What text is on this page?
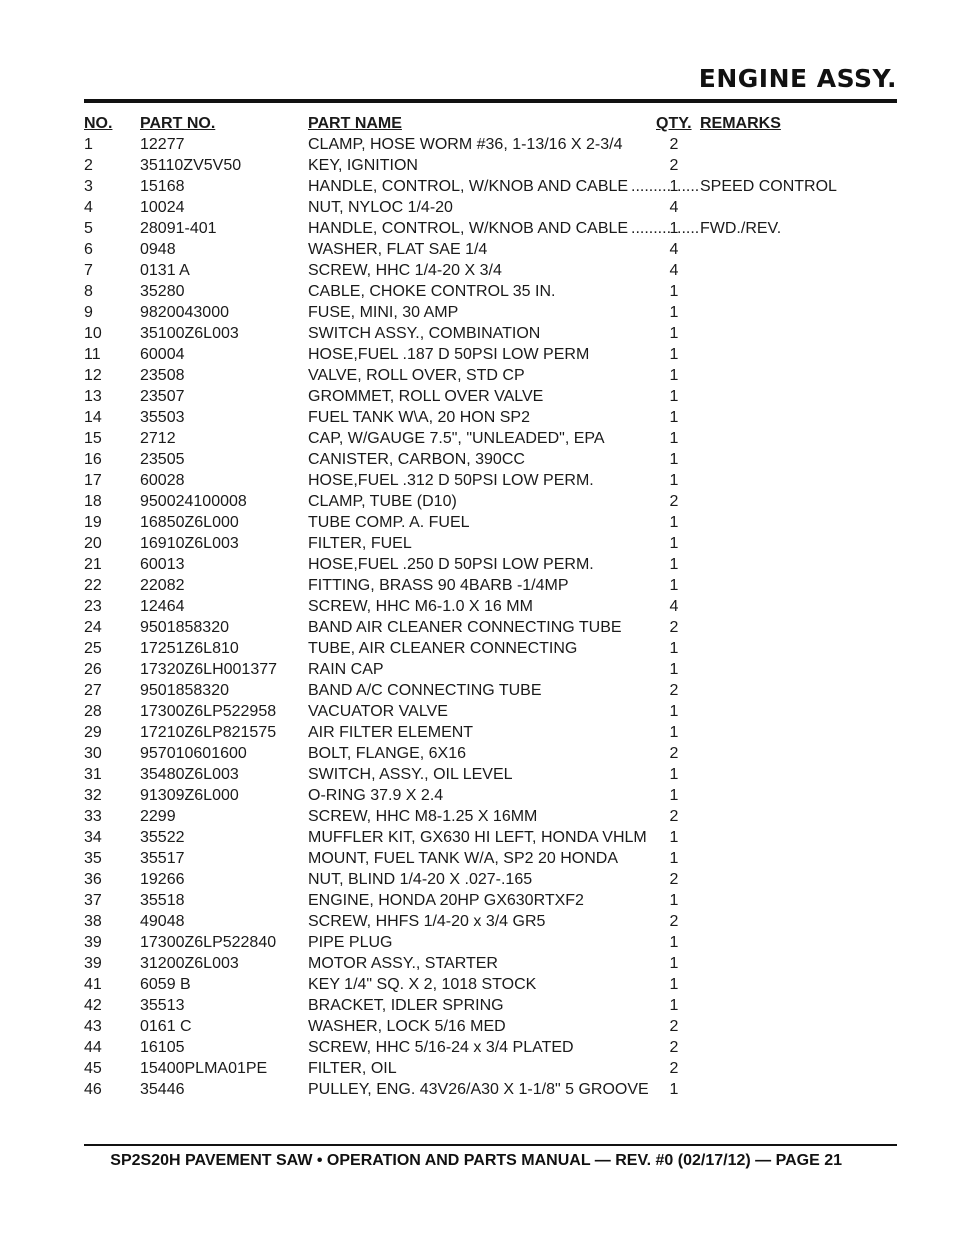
ENGINE ASSY.
NO. PART NO.	PART NAME	QTY. REMARKS
1	12277	CLAMP, HOSE WORM #36, 1-13/16 X 2-3/4	2
2	35110ZV5V50	KEY, IGNITION	2
3	15168	HANDLE, CONTROL, W/KNOB AND CABLE	1	SPEED CONTROL
......... .....
4	10024	NUT, NYLOC 1/4-20	4
5	28091-401	HANDLE, CONTROL, W/KNOB AND CABLE	1	FWD./REV.
......... .....
6	0948	WASHER, FLAT SAE 1/4	4
7	0131 A	SCREW, HHC 1/4-20 X 3/4	4
8	35280	CABLE, CHOKE CONTROL 35 IN.	1
9	9820043000	FUSE, MINI, 30 AMP	1
10 35100Z6L003	SWITCH ASSY., COMBINATION	1
11 60004	HOSE,FUEL .187 D 50PSI LOW PERM	1
12 23508	VALVE, ROLL OVER, STD CP	1
13 23507	GROMMET, ROLL OVER VALVE	1
14 35503	FUEL TANK W\A, 20 HON SP2	1
15 2712	CAP, W/GAUGE 7.5", "UNLEADED", EPA	1
16 23505	CANISTER, CARBON, 390CC	1
17 60028	HOSE,FUEL .312 D 50PSI LOW PERM.	1
18 950024100008	CLAMP, TUBE (D10)	2
19 16850Z6L000	TUBE COMP. A. FUEL	1
20 16910Z6L003	FILTER, FUEL	1
21 60013	HOSE,FUEL .250 D 50PSI LOW PERM.	1
22 22082	FITTING, BRASS 90 4BARB -1/4MP	1
23 12464	SCREW, HHC M6-1.0 X 16 MM	4
24 9501858320	BAND AIR CLEANER CONNECTING TUBE	2
25 17251Z6L810	TUBE, AIR CLEANER CONNECTING	1
26 17320Z6LH001377 RAIN CAP	1
27 9501858320	BAND A/C CONNECTING TUBE	2
28 17300Z6LP522958 VACUATOR VALVE	1
29 17210Z6LP821575 AIR FILTER ELEMENT	1
30 957010601600	BOLT, FLANGE, 6X16	2
31 35480Z6L003	SWITCH, ASSY., OIL LEVEL	1
32 91309Z6L000	O-RING 37.9 X 2.4	1
33 2299	SCREW, HHC M8-1.25 X 16MM	2
34 35522	MUFFLER KIT, GX630 HI LEFT, HONDA VHLM	1
35 35517	MOUNT, FUEL TANK W/A, SP2 20 HONDA	1
36 19266	NUT, BLIND 1/4-20 X .027-.165	2
37 35518	ENGINE, HONDA 20HP GX630RTXF2	1
38 49048	SCREW, HHFS 1/4-20 x 3/4 GR5	2
39 17300Z6LP522840 PIPE PLUG	1
39 31200Z6L003	MOTOR ASSY., STARTER	1
41 6059 B	KEY 1/4" SQ. X 2, 1018 STOCK	1
42 35513	BRACKET, IDLER SPRING	1
43 0161 C	WASHER, LOCK 5/16 MED	2
44 16105	SCREW, HHC 5/16-24 x 3/4 PLATED	2
45 15400PLMA01PE	FILTER, OIL	2
46 35446	PULLEY, ENG. 43V26/A30 X 1-1/8" 5 GROOVE	1
SP2S20H PAVEMENT SAW • OPERATION AND PARTS MANUAL — REV. #0 (02/17/12) — PAGE 21
